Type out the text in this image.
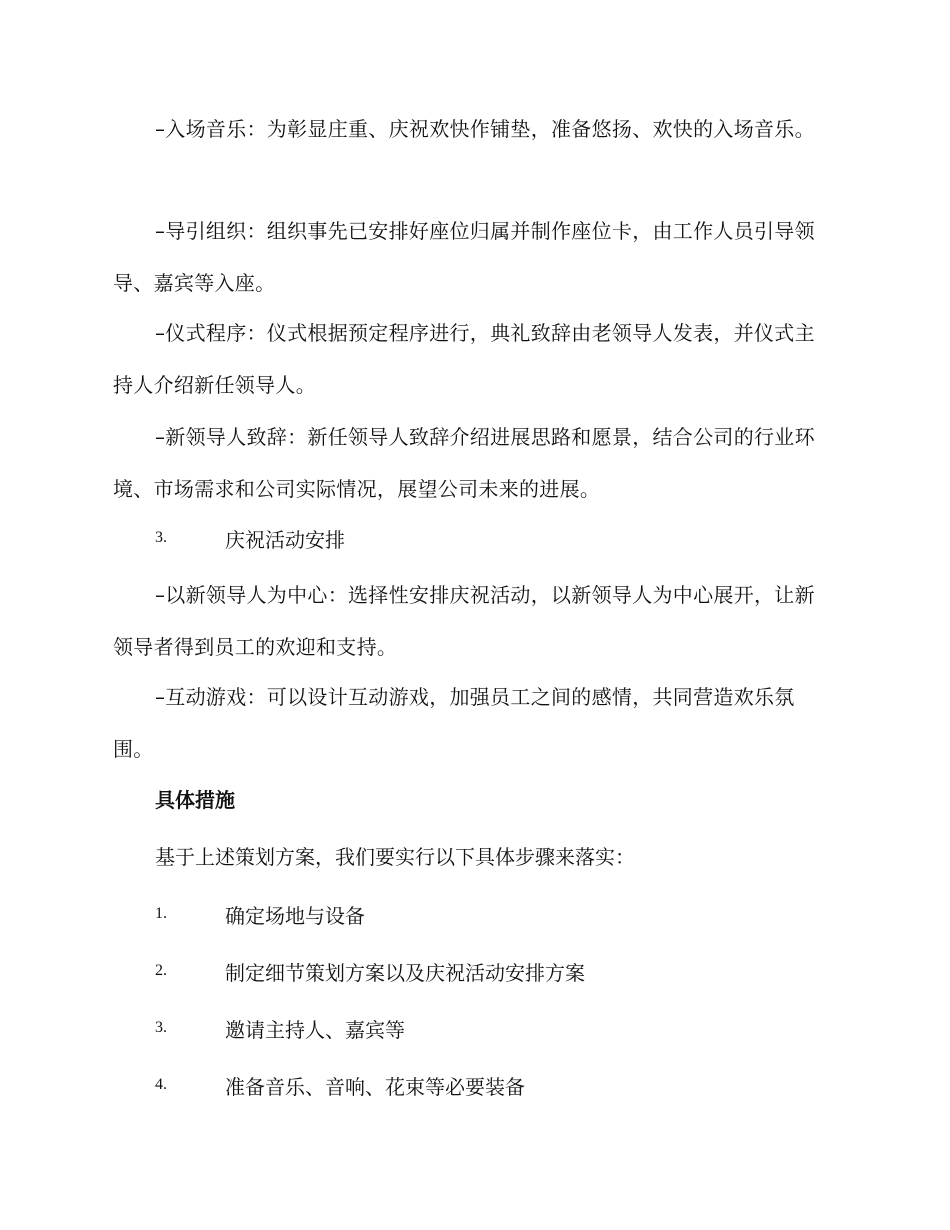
–入场音乐：为彰显庄重、庆祝欢快作铺垫，准备悠扬、欢快的入场音乐。

–导引组织：组织事先已安排好座位归属并制作座位卡，由工作人员引导领导、嘉宾等入座。

–仪式程序：仪式根据预定程序进行，典礼致辞由老领导人发表，并仪式主持人介绍新任领导人。

–新领导人致辞：新任领导人致辞介绍进展思路和愿景，结合公司的行业环境、市场需求和公司实际情况，展望公司未来的进展。

3.	庆祝活动安排

–以新领导人为中心：选择性安排庆祝活动，以新领导人为中心展开，让新领导者得到员工的欢迎和支持。

–互动游戏：可以设计互动游戏，加强员工之间的感情，共同营造欢乐氛围。

具体措施

基于上述策划方案，我们要实行以下具体步骤来落实：

1.	确定场地与设备
2.	制定细节策划方案以及庆祝活动安排方案
3.	邀请主持人、嘉宾等
4.	准备音乐、音响、花束等必要装备
